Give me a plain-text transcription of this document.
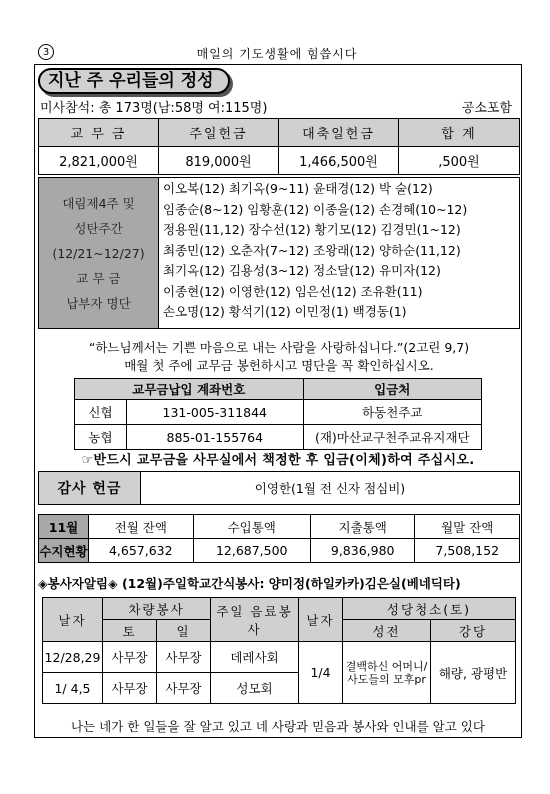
3	매일의 기도생활에 힘씁시다
지난 주 우리들의 정성
미사참석: 총 173명(남:58명 여:115명)	공소포함
교 무 금	주일헌금	대축일헌금	합 계
2,821,000원	819,000원	1,466,500원	,500원
대림제4주 및
성탄주간
(12/21~12/27)
교 무 금
납부자 명단
이오복(12) 최기옥(9~11) 윤태경(12) 박 술(12)
임종순(8~12) 임황훈(12) 이종을(12) 손경혜(10~12)
정용원(11,12) 장수선(12) 황기모(12) 김경민(1~12)
최종민(12) 오춘자(7~12) 조왕래(12) 양하순(11,12)
최기옥(12) 김용성(3~12) 정소달(12) 유미자(12)
이종현(12) 이영한(12) 임은선(12) 조유환(11)
손오명(12) 황석기(12) 이민정(1) 백경동(1)
“하느님께서는 기쁜 마음으로 내는 사람을 사랑하십니다.”(2고린 9,7)
매월 첫 주에 교무금 봉헌하시고 명단을 꼭 확인하십시오.
교무금납입 계좌번호		입금처
신협	131-005-311844	하동천주교
농협	885-01-155764	(재)마산교구천주교유지재단
☞반드시 교무금을 사무실에서 책정한 후 입금(이체)하여 주십시오.
감사 헌금	이영한(1월 전 신자 점심비)
11월	전월 잔액	수입통액	지출통액	월말 잔액
수지현황	4,657,632	12,687,500	9,836,980	7,508,152
◈봉사자알림◈ (12월)주일학교간식봉사: 양미정(하일카카)김은실(베네딕타)
날자	차량봉사		주일 음료봉사	날자	성당청소(토)	
	토	일			성전	강당
12/28,29	사무장	사무장	데레사회	1/4	결백하신 어머니/ 사도들의 모후pr	해량, 광평반
1/ 4,5	사무장	사무장	성모회			
나는 네가 한 일들을 잘 알고 있고 네 사랑과 믿음과 봉사와 인내를 알고 있다
